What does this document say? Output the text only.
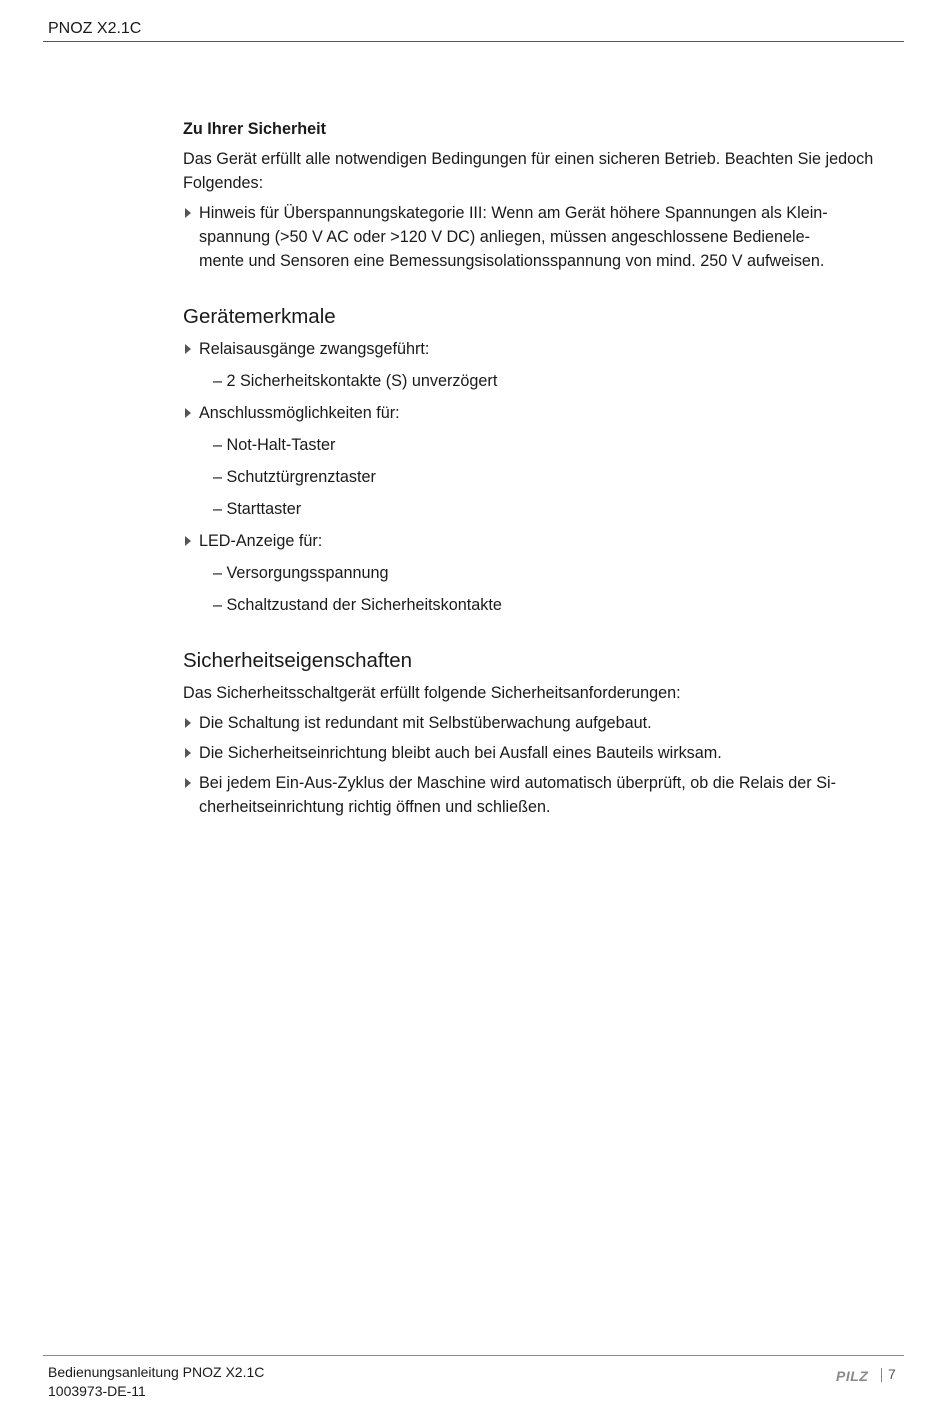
PNOZ X2.1C
Zu Ihrer Sicherheit

Das Gerät erfüllt alle notwendigen Bedingungen für einen sicheren Betrieb. Beachten Sie jedoch Folgendes:

Hinweis für Überspannungskategorie III: Wenn am Gerät höhere Spannungen als Klein-
spannung (>50 V AC oder >120 V DC) anliegen, müssen angeschlossene Bedienele-
mente und Sensoren eine Bemessungsisolationsspannung von mind. 250 V aufweisen.
Gerätemerkmale
Relaisausgänge zwangsgeführt:
– 2 Sicherheitskontakte (S) unverzögert
Anschlussmöglichkeiten für:
– Not-Halt-Taster
– Schutztürgrenztaster
– Starttaster
LED-Anzeige für:
– Versorgungsspannung
– Schaltzustand der Sicherheitskontakte
Sicherheitseigenschaften

Das Sicherheitsschaltgerät erfüllt folgende Sicherheitsanforderungen:

Die Schaltung ist redundant mit Selbstüberwachung aufgebaut.
Die Sicherheitseinrichtung bleibt auch bei Ausfall eines Bauteils wirksam.
Bei jedem Ein-Aus-Zyklus der Maschine wird automatisch überprüft, ob die Relais der Si-
cherheitseinrichtung richtig öffnen und schließen.
Bedienungsanleitung PNOZ X2.1C
1003973-DE-11
PILZ 7
